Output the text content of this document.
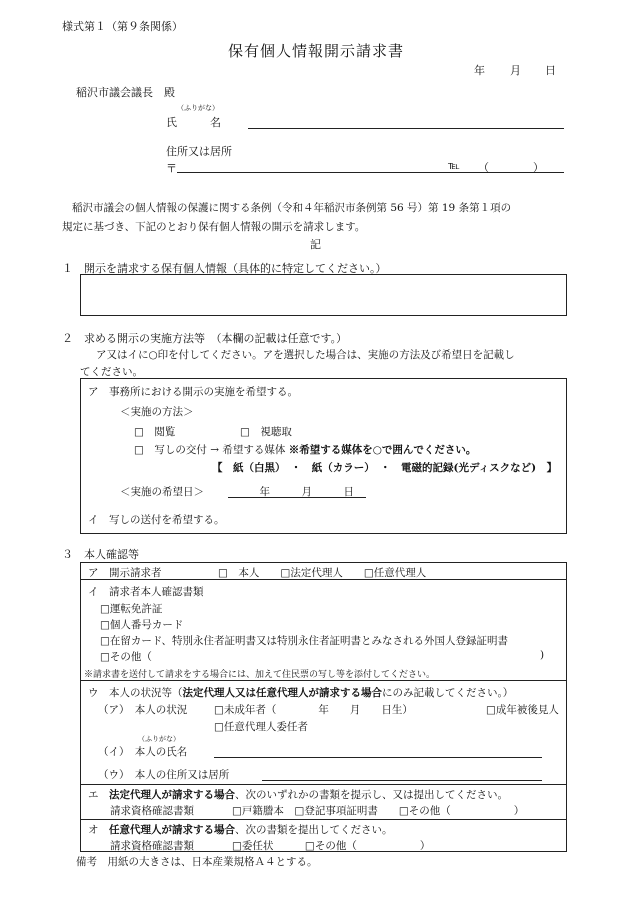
様式第１（第９条関係）
保有個人情報開示請求書
年 月 日
稲沢市議会議長　殿
（ふりがな）
氏　　　名
住所又は居所
〒	℡ （　　　　）
稲沢市議会の個人情報の保護に関する条例（令和４年稲沢市条例第 56 号）第 19 条第１項の
規定に基づき、下記のとおり保有個人情報の開示を請求します。
記
１　開示を請求する保有個人情報（具体的に特定してください。）
２　求める開示の実施方法等　（本欄の記載は任意です。）
ア又はイに○印を付してください。アを選択した場合は、実施の方法及び希望日を記載し
てください。
ア　事務所における開示の実施を希望する。
＜実施の方法＞
□　閲覧	□　視聴取
□　写しの交付 → 希望する媒体 ※希望する媒体を○で囲んでください。
【　紙（白黒）　・　紙（カラー）　・　電磁的記録(光ディスクなど)　】
＜実施の希望日＞ 　　　年　　　月　　　日
イ　写しの送付を希望する。
３　本人確認等
ア　開示請求者	□　本人　　□法定代理人　　□任意代理人
イ　請求者本人確認書類
□運転免許証
□個人番号カード
□在留カード、特別永住者証明書又は特別永住者証明書とみなされる外国人登録証明書
□その他（	)
※請求書を送付して請求をする場合には、加えて住民票の写し等を添付してください。
ウ　本人の状況等（法定代理人又は任意代理人が請求する場合にのみ記載してください。）
（ア）　本人の状況	□未成年者（　　　　年　　月　　日生）	□成年被後見人
□任意代理人委任者
（ふりがな）
（イ）　本人の氏名
（ウ）　本人の住所又は居所
エ　 法定代理人が請求する場合、次のいずれかの書類を提示し、又は提出してください。
請求資格確認書類	□戸籍謄本　□登記事項証明書　　□その他（　　　　　　）
オ　 任意代理人が請求する場合、次の書類を提出してください。
請求資格確認書類	□委任状　　　□その他（　　　　　　）
備考　用紙の大きさは、日本産業規格Ａ４とする。
